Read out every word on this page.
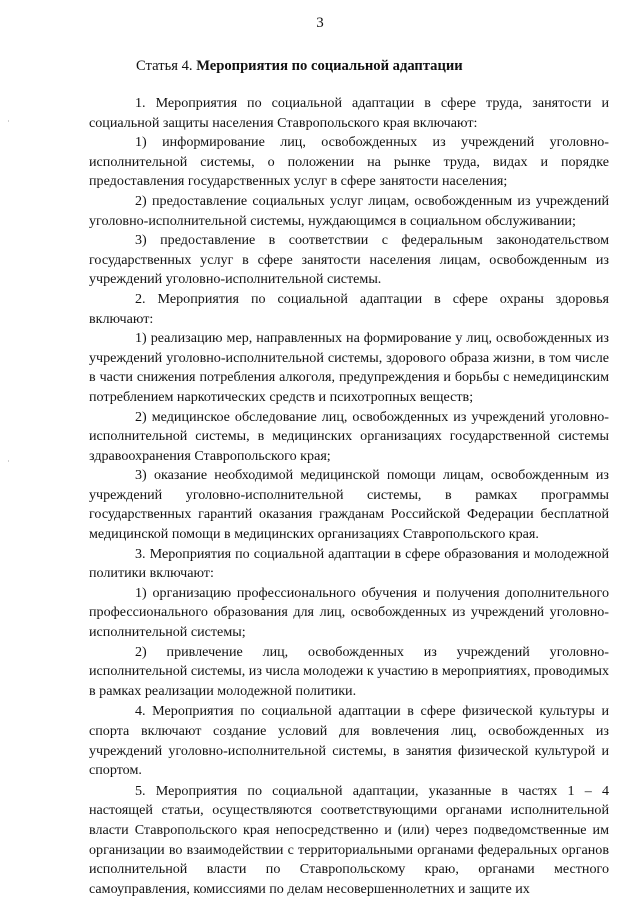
3
Статья 4. Мероприятия по социальной адаптации

1. Мероприятия по социальной адаптации в сфере труда, занятости и социальной защиты населения Ставропольского края включают:

1) информирование лиц, освобожденных из учреждений уголовно-исполнительной системы, о положении на рынке труда, видах и порядке предоставления государственных услуг в сфере занятости населения;

2) предоставление социальных услуг лицам, освобожденным из учреждений уголовно-исполнительной системы, нуждающимся в социальном обслуживании;

3) предоставление в соответствии с федеральным законодательством государственных услуг в сфере занятости населения лицам, освобожденным из учреждений уголовно-исполнительной системы.

2. Мероприятия по социальной адаптации в сфере охраны здоровья включают:

1) реализацию мер, направленных на формирование у лиц, освобожденных из учреждений уголовно-исполнительной системы, здорового образа жизни, в том числе в части снижения потребления алкоголя, предупреждения и борьбы с немедицинским потреблением наркотических средств и психотропных веществ;

2) медицинское обследование лиц, освобожденных из учреждений уголовно-исполнительной системы, в медицинских организациях государственной системы здравоохранения Ставропольского края;

3) оказание необходимой медицинской помощи лицам, освобожденным из учреждений уголовно-исполнительной системы, в рамках программы государственных гарантий оказания гражданам Российской Федерации бесплатной медицинской помощи в медицинских организациях Ставропольского края.

3. Мероприятия по социальной адаптации в сфере образования и молодежной политики включают:

1) организацию профессионального обучения и получения дополнительного профессионального образования для лиц, освобожденных из учреждений уголовно-исполнительной системы;

2) привлечение лиц, освобожденных из учреждений уголовно-исполнительной системы, из числа молодежи к участию в мероприятиях, проводимых в рамках реализации молодежной политики.

4. Мероприятия по социальной адаптации в сфере физической культуры и спорта включают создание условий для вовлечения лиц, освобожденных из учреждений уголовно-исполнительной системы, в занятия физической культурой и спортом.

5. Мероприятия по социальной адаптации, указанные в частях 1 – 4 настоящей статьи, осуществляются соответствующими органами исполнительной власти Ставропольского края непосредственно и (или) через подведомственные им организации во взаимодействии с территориальными органами федеральных органов исполнительной власти по Ставропольскому краю, органами местного самоуправления, комиссиями по делам несовершеннолетних и защите их
